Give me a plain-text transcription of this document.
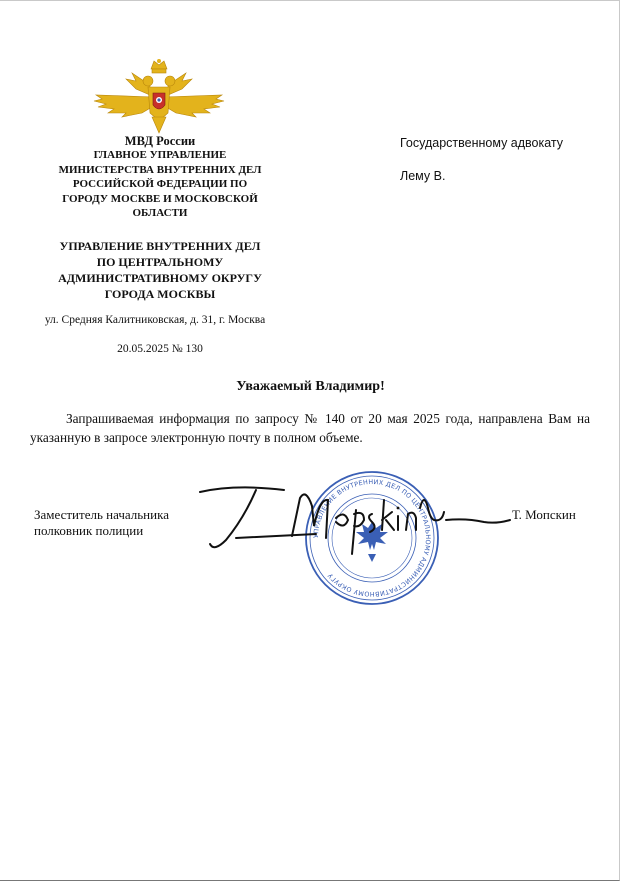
МВД России
ГЛАВНОЕ УПРАВЛЕНИЕ
МИНИСТЕРСТВА ВНУТРЕННИХ ДЕЛ
РОССИЙСКОЙ ФЕДЕРАЦИИ ПО
ГОРОДУ МОСКВЕ И МОСКОВСКОЙ
ОБЛАСТИ
УПРАВЛЕНИЕ ВНУТРЕННИХ ДЕЛ
ПО ЦЕНТРАЛЬНОМУ
АДМИНИСТРАТИВНОМУ ОКРУГУ
ГОРОДА МОСКВЫ
ул. Средняя Калитниковская, д. 31, г. Москва
20.05.2025 № 130
Государственному адвокату
Лему В.
Уважаемый Владимир!
Запрашиваемая информация по запросу № 140 от 20 мая 2025 года, направлена Вам на указанную в запросе электронную почту в полном объеме.
УПРАВЛЕНИЕ ВНУТРЕННИХ ДЕЛ ПО ЦЕНТРАЛЬНОМУ АДМИНИСТРАТИВНОМУ ОКРУГУ
Заместитель начальника
полковник полиции
Т. Мопскин
